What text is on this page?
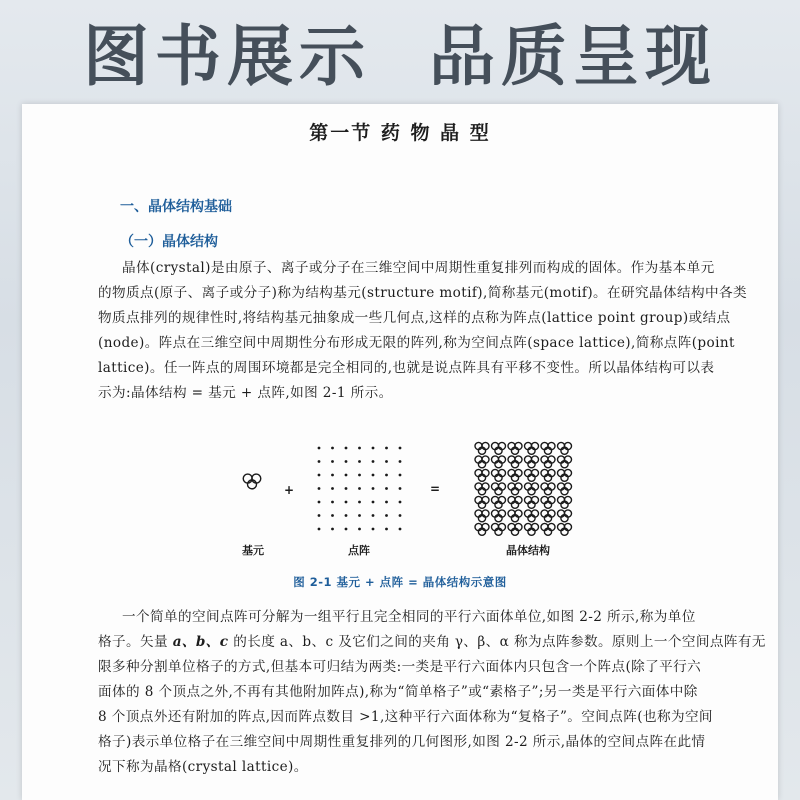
图书展示  品质呈现
第一节 药 物 晶 型
一、晶体结构基础
（一）晶体结构
晶体(crystal)是由原子、离子或分子在三维空间中周期性重复排列而构成的固体。作为基本单元
的物质点(原子、离子或分子)称为结构基元(structure motif),简称基元(motif)。在研究晶体结构中各类
物质点排列的规律性时,将结构基元抽象成一些几何点,这样的点称为阵点(lattice point group)或结点
(node)。阵点在三维空间中周期性分布形成无限的阵列,称为空间点阵(space lattice),简称点阵(point
lattice)。任一阵点的周围环境都是完全相同的,也就是说点阵具有平移不变性。所以晶体结构可以表
示为:晶体结构 = 基元 + 点阵,如图 2-1 所示。
+	=
基元	点阵	晶体结构
图 2-1 基元 + 点阵 = 晶体结构示意图
一个简单的空间点阵可分解为一组平行且完全相同的平行六面体单位,如图 2-2 所示,称为单位
格子。矢量 a、b、c 的长度 a、b、c 及它们之间的夹角 γ、β、α 称为点阵参数。原则上一个空间点阵有无
限多种分割单位格子的方式,但基本可归结为两类:一类是平行六面体内只包含一个阵点(除了平行六
面体的 8 个顶点之外,不再有其他附加阵点),称为“简单格子”或“素格子”;另一类是平行六面体中除
8 个顶点外还有附加的阵点,因而阵点数目 >1,这种平行六面体称为“复格子”。空间点阵(也称为空间
格子)表示单位格子在三维空间中周期性重复排列的几何图形,如图 2-2 所示,晶体的空间点阵在此情
况下称为晶格(crystal lattice)。
